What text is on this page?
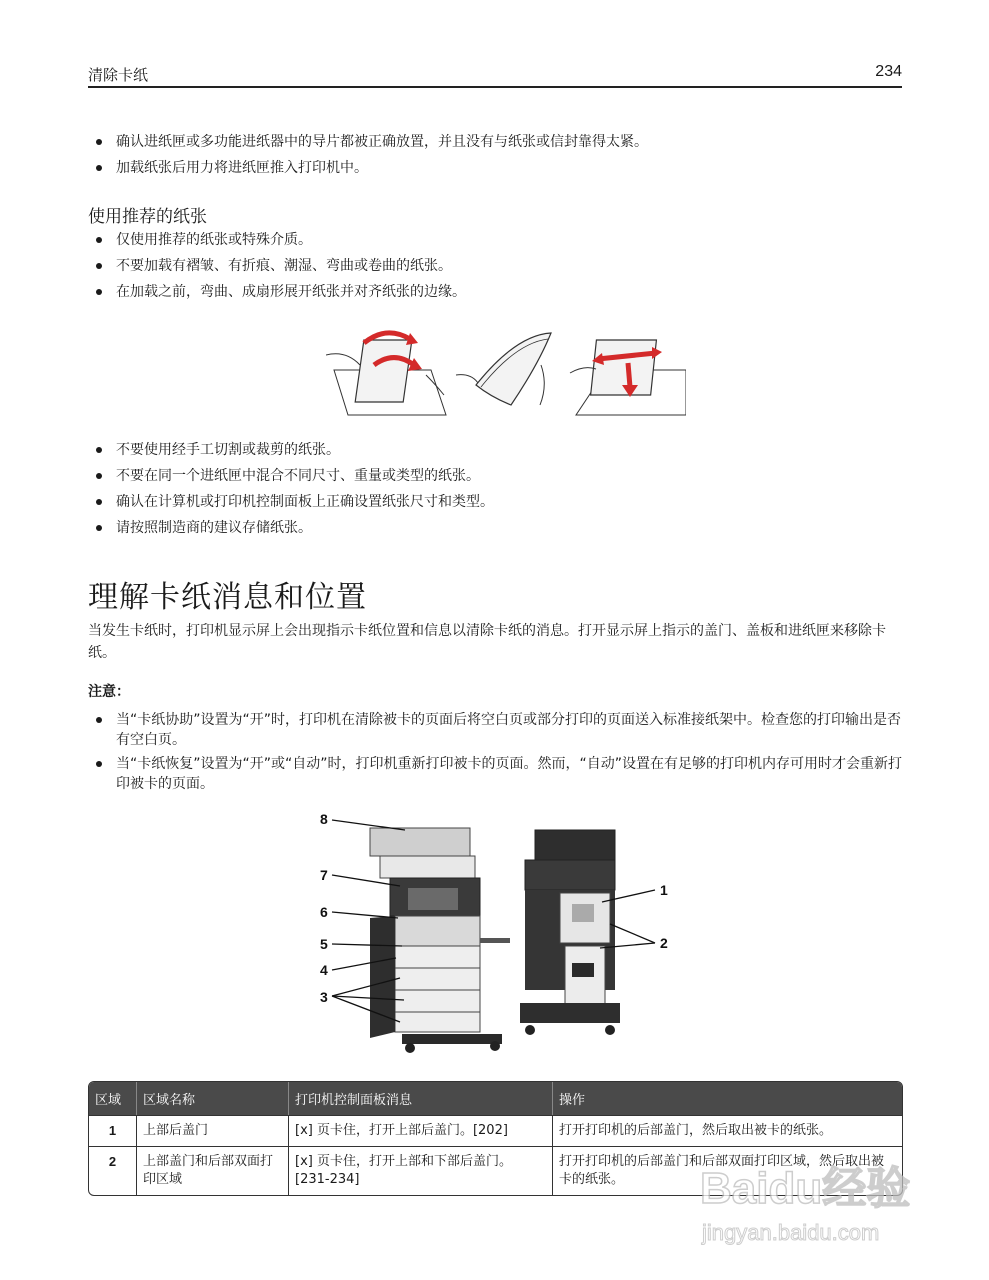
清除卡纸	234
确认进纸匣或多功能进纸器中的导片都被正确放置，并且没有与纸张或信封靠得太紧。
加载纸张后用力将进纸匣推入打印机中。
使用推荐的纸张
仅使用推荐的纸张或特殊介质。
不要加载有褶皱、有折痕、潮湿、弯曲或卷曲的纸张。
在加载之前，弯曲、成扇形展开纸张并对齐纸张的边缘。
不要使用经手工切割或裁剪的纸张。
不要在同一个进纸匣中混合不同尺寸、重量或类型的纸张。
确认在计算机或打印机控制面板上正确设置纸张尺寸和类型。
请按照制造商的建议存储纸张。
理解卡纸消息和位置

当发生卡纸时，打印机显示屏上会出现指示卡纸位置和信息以清除卡纸的消息。打开显示屏上指示的盖门、盖板和进纸匣来移除卡纸。

注意：
当“卡纸协助”设置为“开”时，打印机在清除被卡的页面后将空白页或部分打印的页面送入标准接纸架中。检查您的打印输出是否有空白页。
当“卡纸恢复”设置为“开”或“自动”时，打印机重新打印被卡的页面。然而，“自动”设置在有足够的打印机内存可用时才会重新打印被卡的页面。
8
7
6
5
4
3
1
2
区域	区域名称	打印机控制面板消息	操作
1	上部后盖门	[x] 页卡住，打开上部后盖门。[202]	打开打印机的后部盖门，然后取出被卡的纸张。
2	上部盖门和后部双面打印区域	[x] 页卡住，打开上部和下部后盖门。[231-234]	打开打印机的后部盖门和后部双面打印区域，然后取出被卡的纸张。 Baidu经验
jingyan.baidu.com
